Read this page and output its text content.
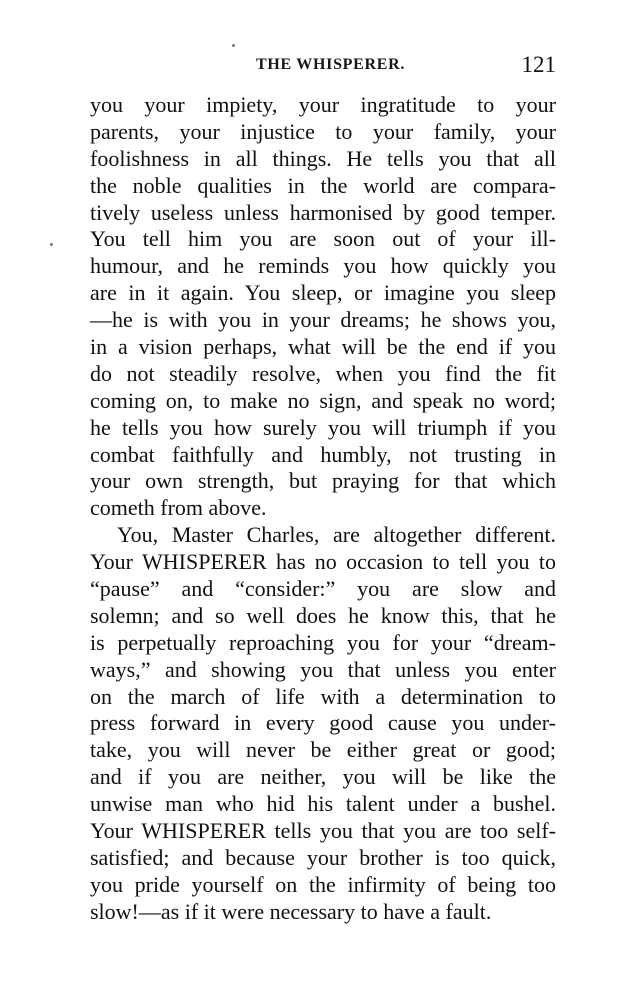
THE WHISPERER.	121
you your impiety, your ingratitude to your
parents, your injustice to your family, your
foolishness in all things. He tells you that all
the noble qualities in the world are compara-
tively useless unless harmonised by good temper.
You tell him you are soon out of your ill-
humour, and he reminds you how quickly you
are in it again. You sleep, or imagine you sleep
—he is with you in your dreams; he shows you,
in a vision perhaps, what will be the end if you
do not steadily resolve, when you find the fit
coming on, to make no sign, and speak no word;
he tells you how surely you will triumph if you
combat faithfully and humbly, not trusting in
your own strength, but praying for that which
cometh from above.
You, Master Charles, are altogether different.
Your WHISPERER has no occasion to tell you to
“pause” and “consider:” you are slow and
solemn; and so well does he know this, that he
is perpetually reproaching you for your “dream-
ways,” and showing you that unless you enter
on the march of life with a determination to
press forward in every good cause you under-
take, you will never be either great or good;
and if you are neither, you will be like the
unwise man who hid his talent under a bushel.
Your WHISPERER tells you that you are too self-
satisfied; and because your brother is too quick,
you pride yourself on the infirmity of being too
slow!—as if it were necessary to have a fault.
